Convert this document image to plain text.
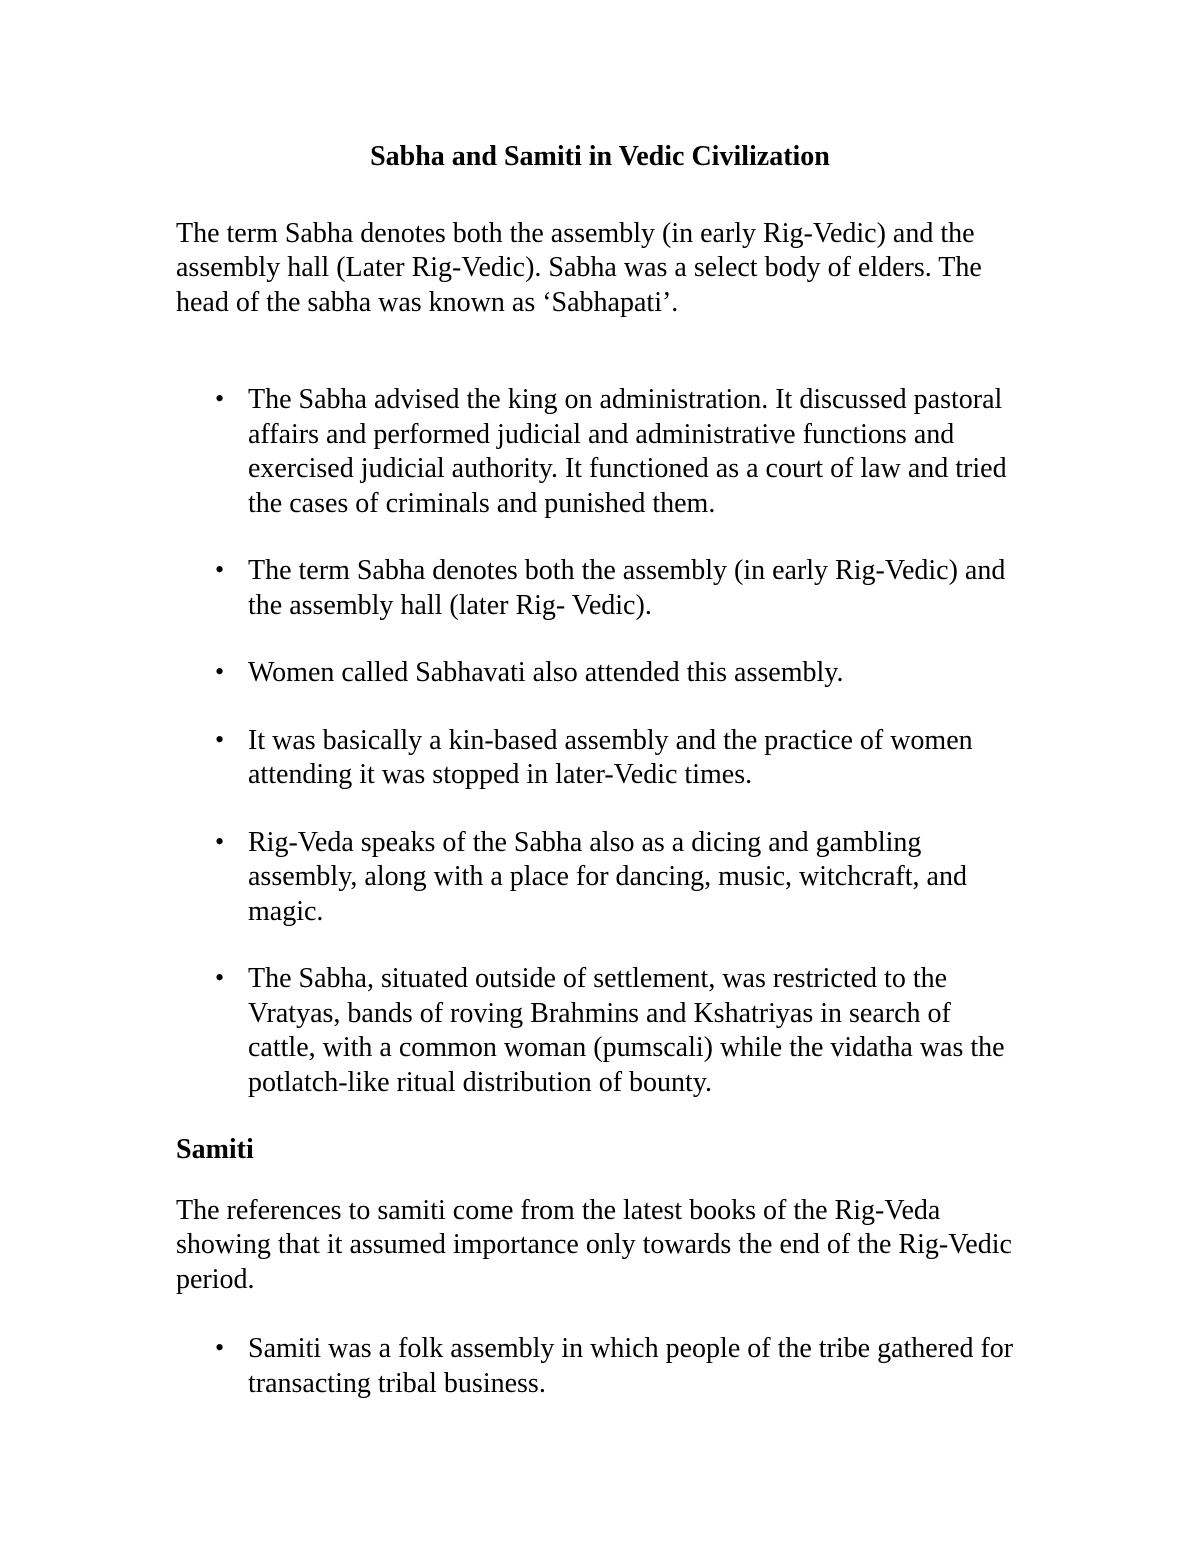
Sabha and Samiti in Vedic Civilization

The term Sabha denotes both the assembly (in early Rig-Vedic) and the assembly hall (Later Rig-Vedic). Sabha was a select body of elders. The head of the sabha was known as ‘Sabhapati’.

• The Sabha advised the king on administration. It discussed pastoral affairs and performed judicial and administrative functions and exercised judicial authority. It functioned as a court of law and tried the cases of criminals and punished them.
• The term Sabha denotes both the assembly (in early Rig-Vedic) and the assembly hall (later Rig- Vedic).
• Women called Sabhavati also attended this assembly.
• It was basically a kin-based assembly and the practice of women attending it was stopped in later-Vedic times.
• Rig-Veda speaks of the Sabha also as a dicing and gambling assembly, along with a place for dancing, music, witchcraft, and magic.
• The Sabha, situated outside of settlement, was restricted to the Vratyas, bands of roving Brahmins and Kshatriyas in search of cattle, with a common woman (pumscali) while the vidatha was the potlatch-like ritual distribution of bounty.
Samiti

The references to samiti come from the latest books of the Rig-Veda showing that it assumed importance only towards the end of the Rig-Vedic period.

• Samiti was a folk assembly in which people of the tribe gathered for transacting tribal business.
